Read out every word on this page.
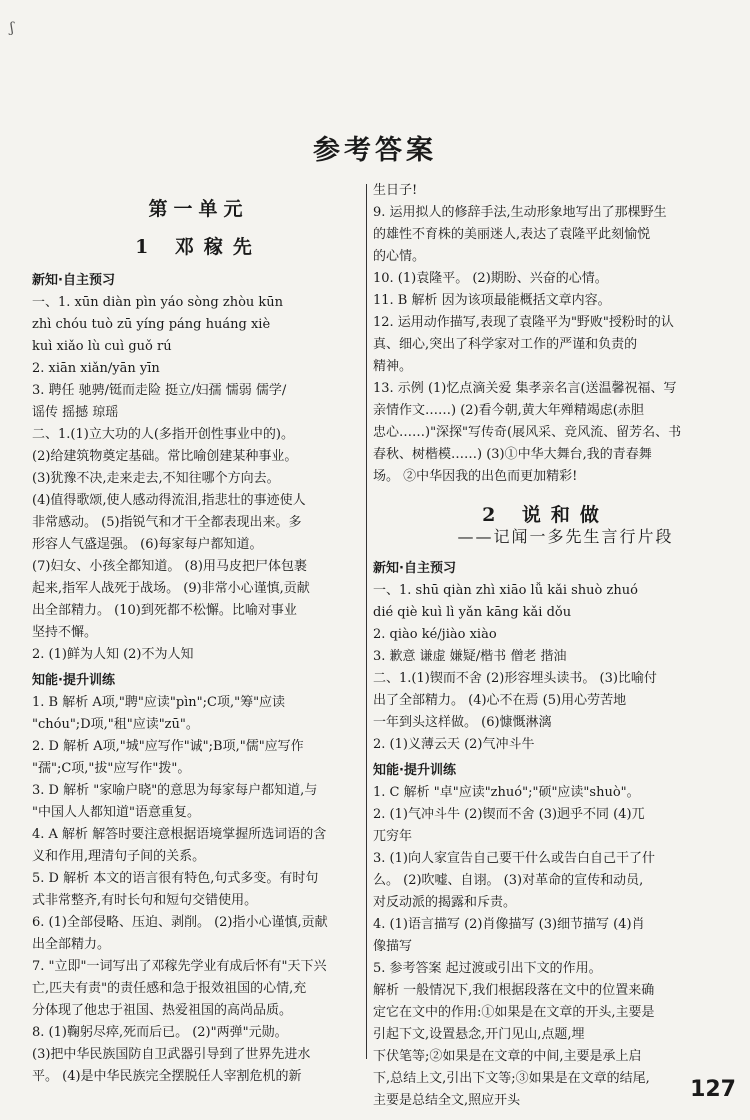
ʃ
参考答案
第一单元
1 邓稼先
新知·自主预习

一、1. xūn diàn pìn yáo sòng zhòu kūn

zhì chóu tuò zū yíng páng huáng xiè

kuì xiǎo lù cuì guǒ rú

2. xiān xiǎn/yān yīn

3. 聘任 驰骋/铤而走险 挺立/妇孺 懦弱 儒学/

谣传 摇撼 琼瑶

二、1.(1)立大功的人(多指开创性事业中的)。

(2)给建筑物奠定基础。常比喻创建某种事业。

(3)犹豫不决,走来走去,不知往哪个方向去。

(4)值得歌颂,使人感动得流泪,指悲壮的事迹使人

非常感动。 (5)指锐气和才干全都表现出来。多

形容人气盛逞强。 (6)每家每户都知道。

(7)妇女、小孩全都知道。 (8)用马皮把尸体包裹

起来,指军人战死于战场。 (9)非常小心谨慎,贡献

出全部精力。 (10)到死都不松懈。比喻对事业

坚持不懈。

2. (1)鲜为人知 (2)不为人知

知能·提升训练

1. B 解析 A项,"聘"应读"pìn";C项,"筹"应读

"chóu";D项,"租"应读"zū"。

2. D 解析 A项,"城"应写作"诚";B项,"儒"应写作

"孺";C项,"拔"应写作"拨"。

3. D 解析 "家喻户晓"的意思为每家每户都知道,与

"中国人人都知道"语意重复。

4. A 解析 解答时要注意根据语境掌握所选词语的含

义和作用,理清句子间的关系。

5. D 解析 本文的语言很有特色,句式多变。有时句

式非常整齐,有时长句和短句交错使用。

6. (1)全部侵略、压迫、剥削。 (2)指小心谨慎,贡献

出全部精力。

7. "立即"一词写出了邓稼先学业有成后怀有"天下兴

亡,匹夫有责"的责任感和急于报效祖国的心情,充

分体现了他忠于祖国、热爱祖国的高尚品质。

8. (1)鞠躬尽瘁,死而后已。 (2)"两弹"元勋。

(3)把中华民族国防自卫武器引导到了世界先进水

平。 (4)是中华民族完全摆脱任人宰割危机的新

生日子!

9. 运用拟人的修辞手法,生动形象地写出了那棵野生

的雄性不育株的美丽迷人,表达了袁隆平此刻愉悦

的心情。

10. (1)袁隆平。 (2)期盼、兴奋的心情。

11. B 解析 因为该项最能概括文章内容。

12. 运用动作描写,表现了袁隆平为"野败"授粉时的认

真、细心,突出了科学家对工作的严谨和负责的

精神。

13. 示例 (1)忆点滴关爱 集孝亲名言(送温馨祝福、写

亲情作文……) (2)看今朝,黄大年殚精竭虑(赤胆

忠心……)"深探"写传奇(展风采、竞风流、留芳名、书

春秋、树楷模……) (3)①中华大舞台,我的青春舞

场。 ②中华因我的出色而更加精彩!

2 说和做
——记闻一多先生言行片段
新知·自主预习

一、1. shū qiàn zhì xiāo lǚ kǎi shuò zhuó

dié qiè kuì lì yǎn kāng kǎi dǒu

2. qiào ké/jiào xiào

3. 歉意 谦虚 嫌疑/楷书 僧老 揩油

二、1.(1)锲而不舍 (2)形容埋头读书。 (3)比喻付

出了全部精力。 (4)心不在焉 (5)用心劳苦地

一年到头这样做。 (6)慷慨淋漓

2. (1)义薄云天 (2)气冲斗牛

知能·提升训练

1. C 解析 "卓"应读"zhuó";"硕"应读"shuò"。

2. (1)气冲斗牛 (2)锲而不舍 (3)迥乎不同 (4)兀

兀穷年

3. (1)向人家宣告自己要干什么或告白自己干了什

么。 (2)吹嘘、自诩。 (3)对革命的宣传和动员,

对反动派的揭露和斥责。

4. (1)语言描写 (2)肖像描写 (3)细节描写 (4)肖

像描写

5. 参考答案 起过渡或引出下文的作用。

解析 一般情况下,我们根据段落在文中的位置来确

定它在文中的作用:①如果是在文章的开头,主要是

引起下文,设置悬念,开门见山,点题,埋

下伏笔等;②如果是在文章的中间,主要是承上启

下,总结上文,引出下文等;③如果是在文章的结尾,

主要是总结全文,照应开头	127
